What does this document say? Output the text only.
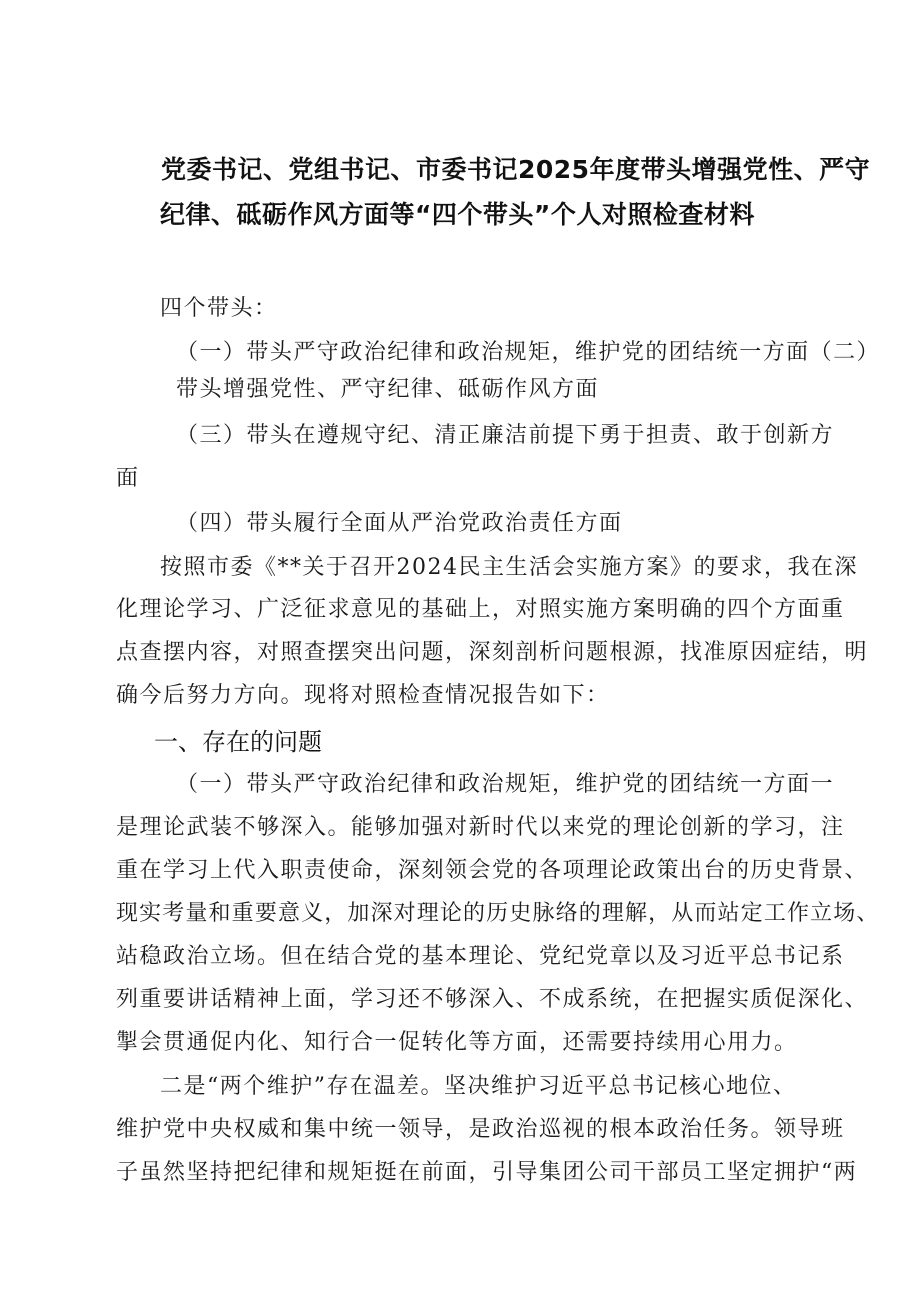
党委书记、党组书记、市委书记2025年度带头增强党性、严守
纪律、砥砺作风方面等“四个带头”个人对照检查材料
四个带头：
（一）带头严守政治纪律和政治规矩，维护党的团结统一方面（二）
带头增强党性、严守纪律、砥砺作风方面
（三）带头在遵规守纪、清正廉洁前提下勇于担责、敢于创新方
面
（四）带头履行全面从严治党政治责任方面
按照市委《**关于召开2024民主生活会实施方案》的要求，我在深
化理论学习、广泛征求意见的基础上，对照实施方案明确的四个方面重
点查摆内容，对照查摆突出问题，深刻剖析问题根源，找准原因症结，明
确今后努力方向。现将对照检查情况报告如下：
一、存在的问题
（一）带头严守政治纪律和政治规矩，维护党的团结统一方面一
是理论武装不够深入。能够加强对新时代以来党的理论创新的学习，注
重在学习上代入职责使命，深刻领会党的各项理论政策出台的历史背景、
现实考量和重要意义，加深对理论的历史脉络的理解，从而站定工作立场、
站稳政治立场。但在结合党的基本理论、党纪党章以及习近平总书记系
列重要讲话精神上面，学习还不够深入、不成系统，在把握实质促深化、
掣会贯通促内化、知行合一促转化等方面，还需要持续用心用力。
二是“两个维护”存在温差。坚决维护习近平总书记核心地位、
维护党中央权威和集中统一领导，是政治巡视的根本政治任务。领导班
子虽然坚持把纪律和规矩挺在前面，引导集团公司干部员工坚定拥护“两
